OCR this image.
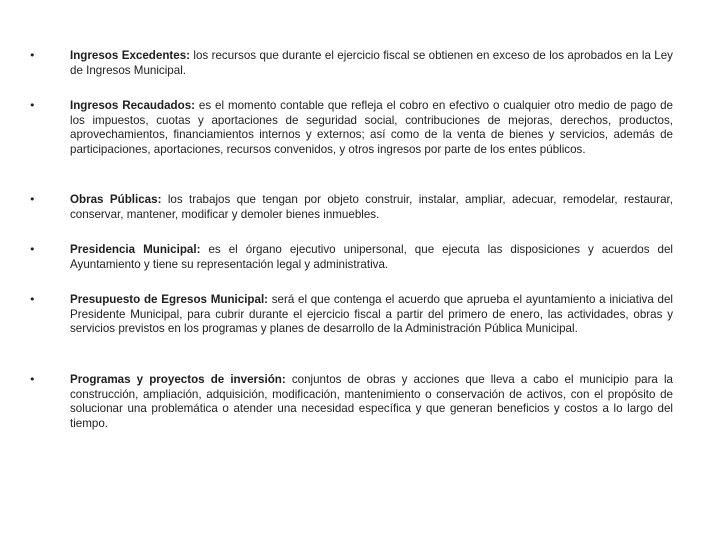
•	Ingresos Excedentes: los recursos que durante el ejercicio fiscal se obtienen en exceso de los aprobados en la Ley de Ingresos Municipal.

•	Ingresos Recaudados: es el momento contable que refleja el cobro en efectivo o cualquier otro medio de pago de los impuestos, cuotas y aportaciones de seguridad social, contribuciones de mejoras, derechos, productos, aprovechamientos, financiamientos internos y externos; así como de la venta de bienes y servicios, además de participaciones, aportaciones, recursos convenidos, y otros ingresos por parte de los entes públicos.

•	Obras Públicas: los trabajos que tengan por objeto construir, instalar, ampliar, adecuar, remodelar, restaurar, conservar, mantener, modificar y demoler bienes inmuebles.

•	Presidencia Municipal: es el órgano ejecutivo unipersonal, que ejecuta las disposiciones y acuerdos del Ayuntamiento y tiene su representación legal y administrativa.

•	Presupuesto de Egresos Municipal: será el que contenga el acuerdo que aprueba el ayuntamiento a iniciativa del Presidente Municipal, para cubrir durante el ejercicio fiscal a partir del primero de enero, las actividades, obras y servicios previstos en los programas y planes de desarrollo de la Administración Pública Municipal.

•	Programas y proyectos de inversión: conjuntos de obras y acciones que lleva a cabo el municipio para la construcción, ampliación, adquisición, modificación, mantenimiento o conservación de activos, con el propósito de solucionar una problemática o atender una necesidad específica y que generan beneficios y costos a lo largo del tiempo.
